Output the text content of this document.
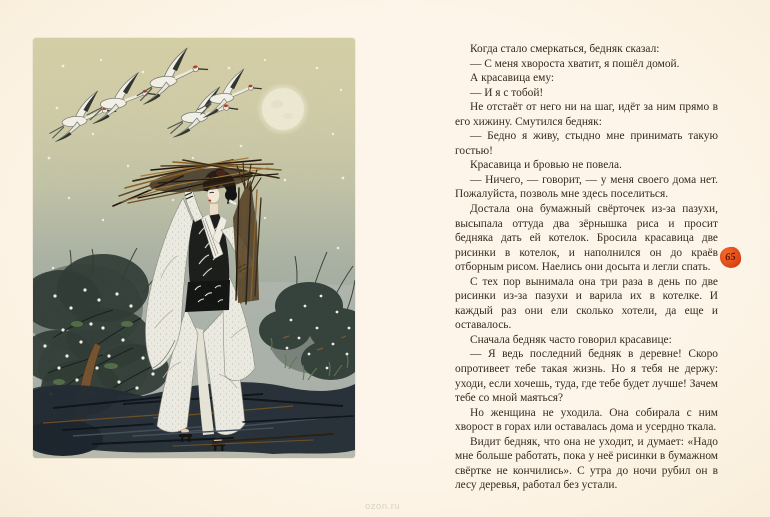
Когда стало смеркаться, бедняк сказал:

— С меня хвороста хватит, я пошёл домой.

А красавица ему:

— И я с тобой!

Не отстаёт от него ни на шаг, идёт за ним прямо в его хижину. Смутился бедняк:

— Бедно я живу, стыдно мне принимать такую гостью!

Красавица и бровью не повела.

— Ничего, — говорит, — у меня своего дома нет. Пожалуйста, позволь мне здесь поселиться.

Достала она бумажный свёрточек из-за пазухи, высыпала оттуда два зёрнышка риса и просит бедняка дать ей котелок. Бросила красавица две рисинки в котелок, и наполнился он до краёв отборным рисом. Наелись они досыта и легли спать.

С тех пор вынимала она три раза в день по две рисинки из-за пазухи и варила их в котелке. И каждый раз они ели сколько хотели, да еще и оставалось.

Сначала бедняк часто говорил красавице:

— Я ведь последний бедняк в деревне! Скоро опротивеет тебе такая жизнь. Но я тебя не держу: уходи, если хочешь, туда, где тебе будет лучше! Зачем тебе со мной маяться?

Но женщина не уходила. Она собирала с ним хворост в горах или оставалась дома и усердно ткала.

Видит бедняк, что она не уходит, и думает: «Надо мне больше работать, пока у неё рисинки в бумажном свёртке не кончились». С утра до ночи рубил он в лесу деревья, работал без устали.

65
ozon.ru
